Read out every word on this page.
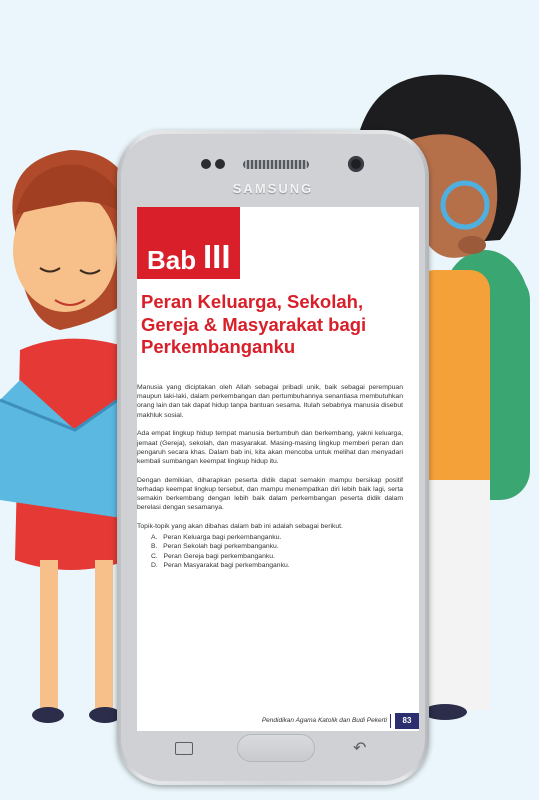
SAMSUNG
Bab III
Peran Keluarga, Sekolah,
Gereja & Masyarakat bagi
Perkembanganku

Manusia yang diciptakan oleh Allah sebagai pribadi unik, baik sebagai perempuan maupun laki-laki, dalam perkembangan dan pertumbuhannya senantiasa membutuhkan orang lain dan tak dapat hidup tanpa bantuan sesama. Itulah sebabnya manusia disebut makhluk sosial.

Ada empat lingkup hidup tempat manusia bertumbuh dan berkembang, yakni keluarga, jemaat (Gereja), sekolah, dan masyarakat. Masing-masing lingkup memberi peran dan pengaruh secara khas. Dalam bab ini, kita akan mencoba untuk melihat dan menyadari kembali sumbangan keempat lingkup hidup itu.

Dengan demikian, diharapkan peserta didik dapat semakin mampu bersikap positif terhadap keempat lingkup tersebut, dan mampu menempatkan diri lebih baik lagi, serta semakin berkembang dengan lebih baik dalam perkembangan peserta didik dalam berelasi dengan sesamanya.

Topik-topik yang akan dibahas dalam bab ini adalah sebagai berikut.

A.   Peran Keluarga bagi perkembanganku.
B.   Peran Sekolah bagi perkembanganku.
C.   Peran Gereja bagi perkembanganku.
D.   Peran Masyarakat bagi perkembanganku.
Pendidikan Agama Katolik dan Budi Pekerti	83
↶
